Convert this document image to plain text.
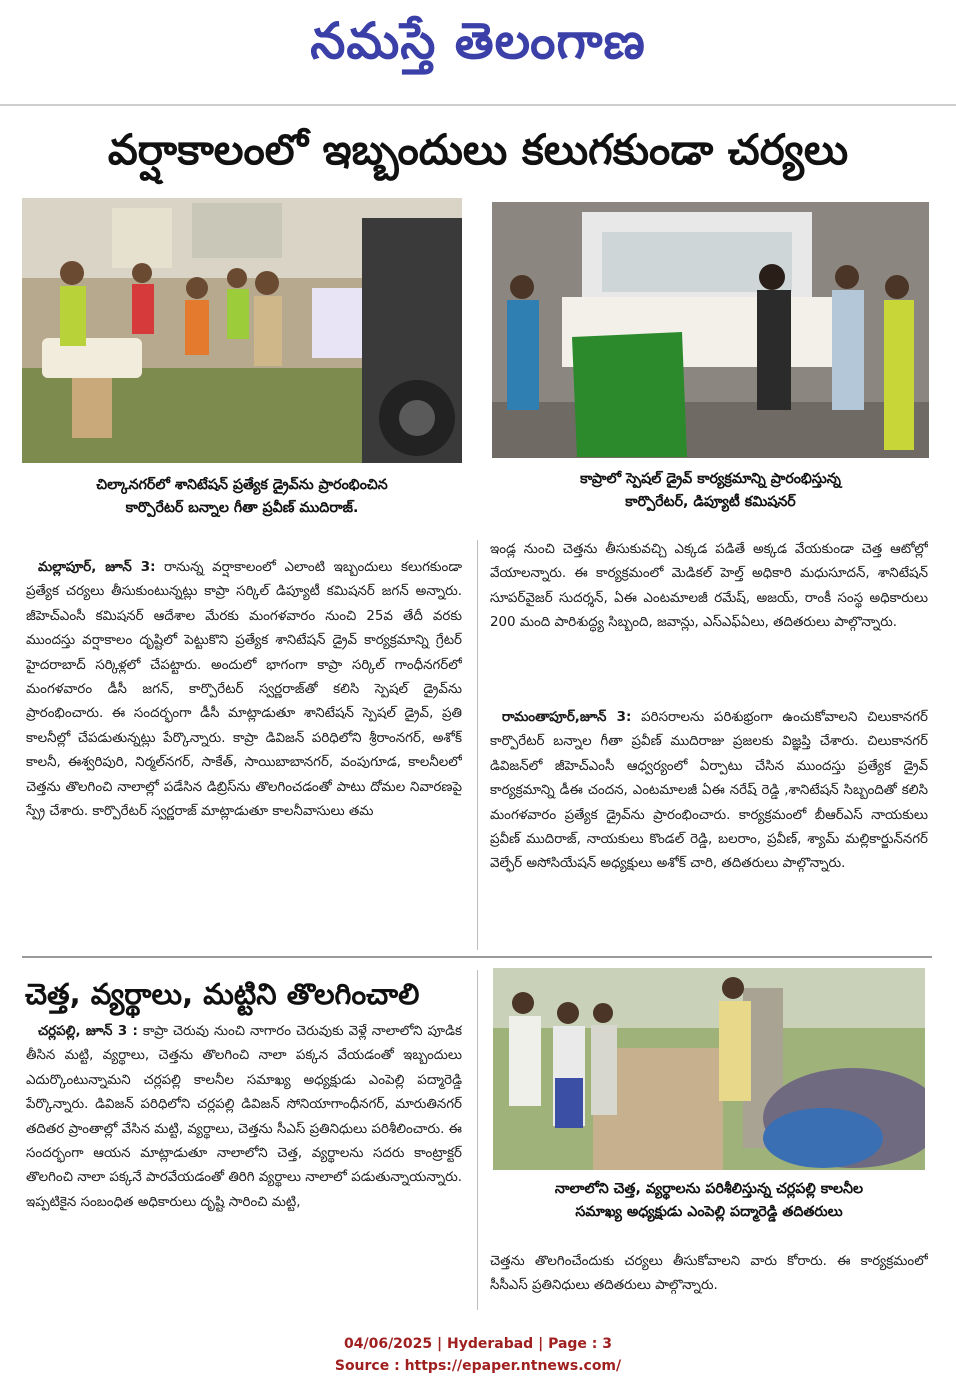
నమస్తే తెలంగాణ
వర్షాకాలంలో ఇబ్బందులు కలుగకుండా చర్యలు
చిల్కానగర్‌లో శానిటేషన్ ప్రత్యేక డ్రైవ్‌ను ప్రారంభించిన
కార్పొరేటర్ బన్నాల గీతా ప్రవీణ్ ముదిరాజ్.
కాప్రాలో స్పెషల్ డ్రైవ్ కార్యక్రమాన్ని ప్రారంభిస్తున్న
కార్పొరేటర్, డిప్యూటీ కమిషనర్

మల్లాపూర్, జూన్ 3: రానున్న వర్షాకాలంలో ఎలాంటి ఇబ్బందులు కలుగకుండా ప్రత్యేక చర్యలు తీసుకుంటున్నట్లు కాప్రా సర్కిల్ డిప్యూటీ కమిషనర్ జగన్ అన్నారు. జీహెచ్‌ఎంసీ కమిషనర్ ఆదేశాల మేరకు మంగళవారం నుంచి 25వ తేదీ వరకు ముందస్తు వర్షాకాలం దృష్టిలో పెట్టుకొని ప్రత్యేక శానిటేషన్ డ్రైవ్ కార్యక్రమాన్ని గ్రేటర్ హైదరాబాద్ సర్కిళ్లలో చేపట్టారు. అందులో భాగంగా కాప్రా సర్కిల్ గాంధీనగర్‌లో మంగళవారం డీసీ జగన్, కార్పొరేటర్ స్వర్ణరాజ్‌తో కలిసి స్పెషల్ డ్రైవ్‌ను ప్రారంభించారు. ఈ సందర్భంగా డీసీ మాట్లాడుతూ శానిటేషన్ స్పెషల్ డ్రైవ్, ప్రతి కాలనీల్లో చేపడుతున్నట్లు పేర్కొన్నారు. కాప్రా డివిజన్ పరిధిలోని శ్రీరాంనగర్, అశోక్ కాలనీ, ఈశ్వరిపురి, నిర్మల్‌నగర్, సాకేత్, సాయిబాబానగర్, వంపుగూడ, కాలనీలలో చెత్తను తొలగించి నాలాల్లో పడేసిన డిబ్రిస్‌ను తొలగించడంతో పాటు దోమల నివారణపై స్ప్రే చేశారు. కార్పొరేటర్ స్వర్ణరాజ్ మాట్లాడుతూ కాలనీవాసులు తమ

ఇండ్ల నుంచి చెత్తను తీసుకువచ్చి ఎక్కడ పడితే అక్కడ వేయకుండా చెత్త ఆటోల్లో వేయాలన్నారు. ఈ కార్యక్రమంలో మెడికల్ హెల్త్ అధికారి మధుసూదన్, శానిటేషన్ సూపర్‌వైజర్ సుదర్శన్, ఏఈ ఎంటమాలజీ రమేష్, అజయ్, రాంకీ సంస్థ అధికారులు 200 మంది పారిశుద్ధ్య సిబ్బంది, జవాన్లు, ఎస్‌ఎఫ్‌ఏలు, తదితరులు పాల్గొన్నారు.

రామంతాపూర్,జూన్ 3: పరిసరాలను పరిశుభ్రంగా ఉంచుకోవాలని చిలుకానగర్ కార్పొరేటర్ బన్నాల గీతా ప్రవీణ్ ముదిరాజు ప్రజలకు విజ్ఞప్తి చేశారు. చిలుకానగర్ డివిజన్‌లో జీహెచ్‌ఎంసీ ఆధ్వర్యంలో ఏర్పాటు చేసిన ముందస్తు ప్రత్యేక డ్రైవ్ కార్యక్రమాన్ని డీఈ చందన, ఎంటమాలజీ ఏఈ నరేష్ రెడ్డి ,శానిటేషన్ సిబ్బందితో కలిసి మంగళవారం ప్రత్యేక డ్రైవ్‌ను ప్రారంభించారు. కార్యక్రమంలో బీఆర్‌ఎస్ నాయకులు ప్రవీణ్ ముదిరాజ్, నాయకులు కొండల్ రెడ్డి, బలరాం, ప్రవీణ్, శ్యామ్ మల్లికార్జున్‌నగర్ వెల్ఫేర్ అసోసియేషన్ అధ్యక్షులు అశోక్ చారి, తదితరులు పాల్గొన్నారు.

చెత్త, వ్యర్థాలు, మట్టిని తొలగించాలి

చర్లపల్లి, జూన్ 3 : కాప్రా చెరువు నుంచి నాగారం చెరువుకు వెళ్లే నాలాలోని పూడిక తీసిన మట్టి, వ్యర్థాలు, చెత్తను తొలగించి నాలా పక్కన వేయడంతో ఇబ్బందులు ఎదుర్కొంటున్నామని చర్లపల్లి కాలనీల సమాఖ్య అధ్యక్షుడు ఎంపెల్లి పద్మారెడ్డి పేర్కొన్నారు. డివిజన్ పరిధిలోని చర్లపల్లి డివిజన్ సోనియాగాంధీనగర్, మారుతినగర్ తదితర ప్రాంతాల్లో వేసిన మట్టి, వ్యర్థాలు, చెత్తను సీఎస్ ప్రతినిధులు పరిశీలించారు. ఈ సందర్భంగా ఆయన మాట్లాడుతూ నాలాలోని చెత్త, వ్యర్థాలను సదరు కాంట్రాక్టర్ తొలగించి నాలా పక్కనే పారవేయడంతో తిరిగి వ్యర్థాలు నాలాలో పడుతున్నాయన్నారు. ఇప్పటికైన సంబంధిత అధికారులు దృష్టి సారించి మట్టి,

నాలాలోని చెత్త, వ్యర్థాలను పరిశీలిస్తున్న చర్లపల్లి కాలనీల
సమాఖ్య అధ్యక్షుడు ఎంపెల్లి పద్మారెడ్డి తదితరులు

చెత్తను తొలగించేందుకు చర్యలు తీసుకోవాలని వారు కోరారు. ఈ కార్యక్రమంలో సీసీఎస్ ప్రతినిధులు తదితరులు పాల్గొన్నారు.

04/06/2025 | Hyderabad | Page : 3
Source : https://epaper.ntnews.com/
